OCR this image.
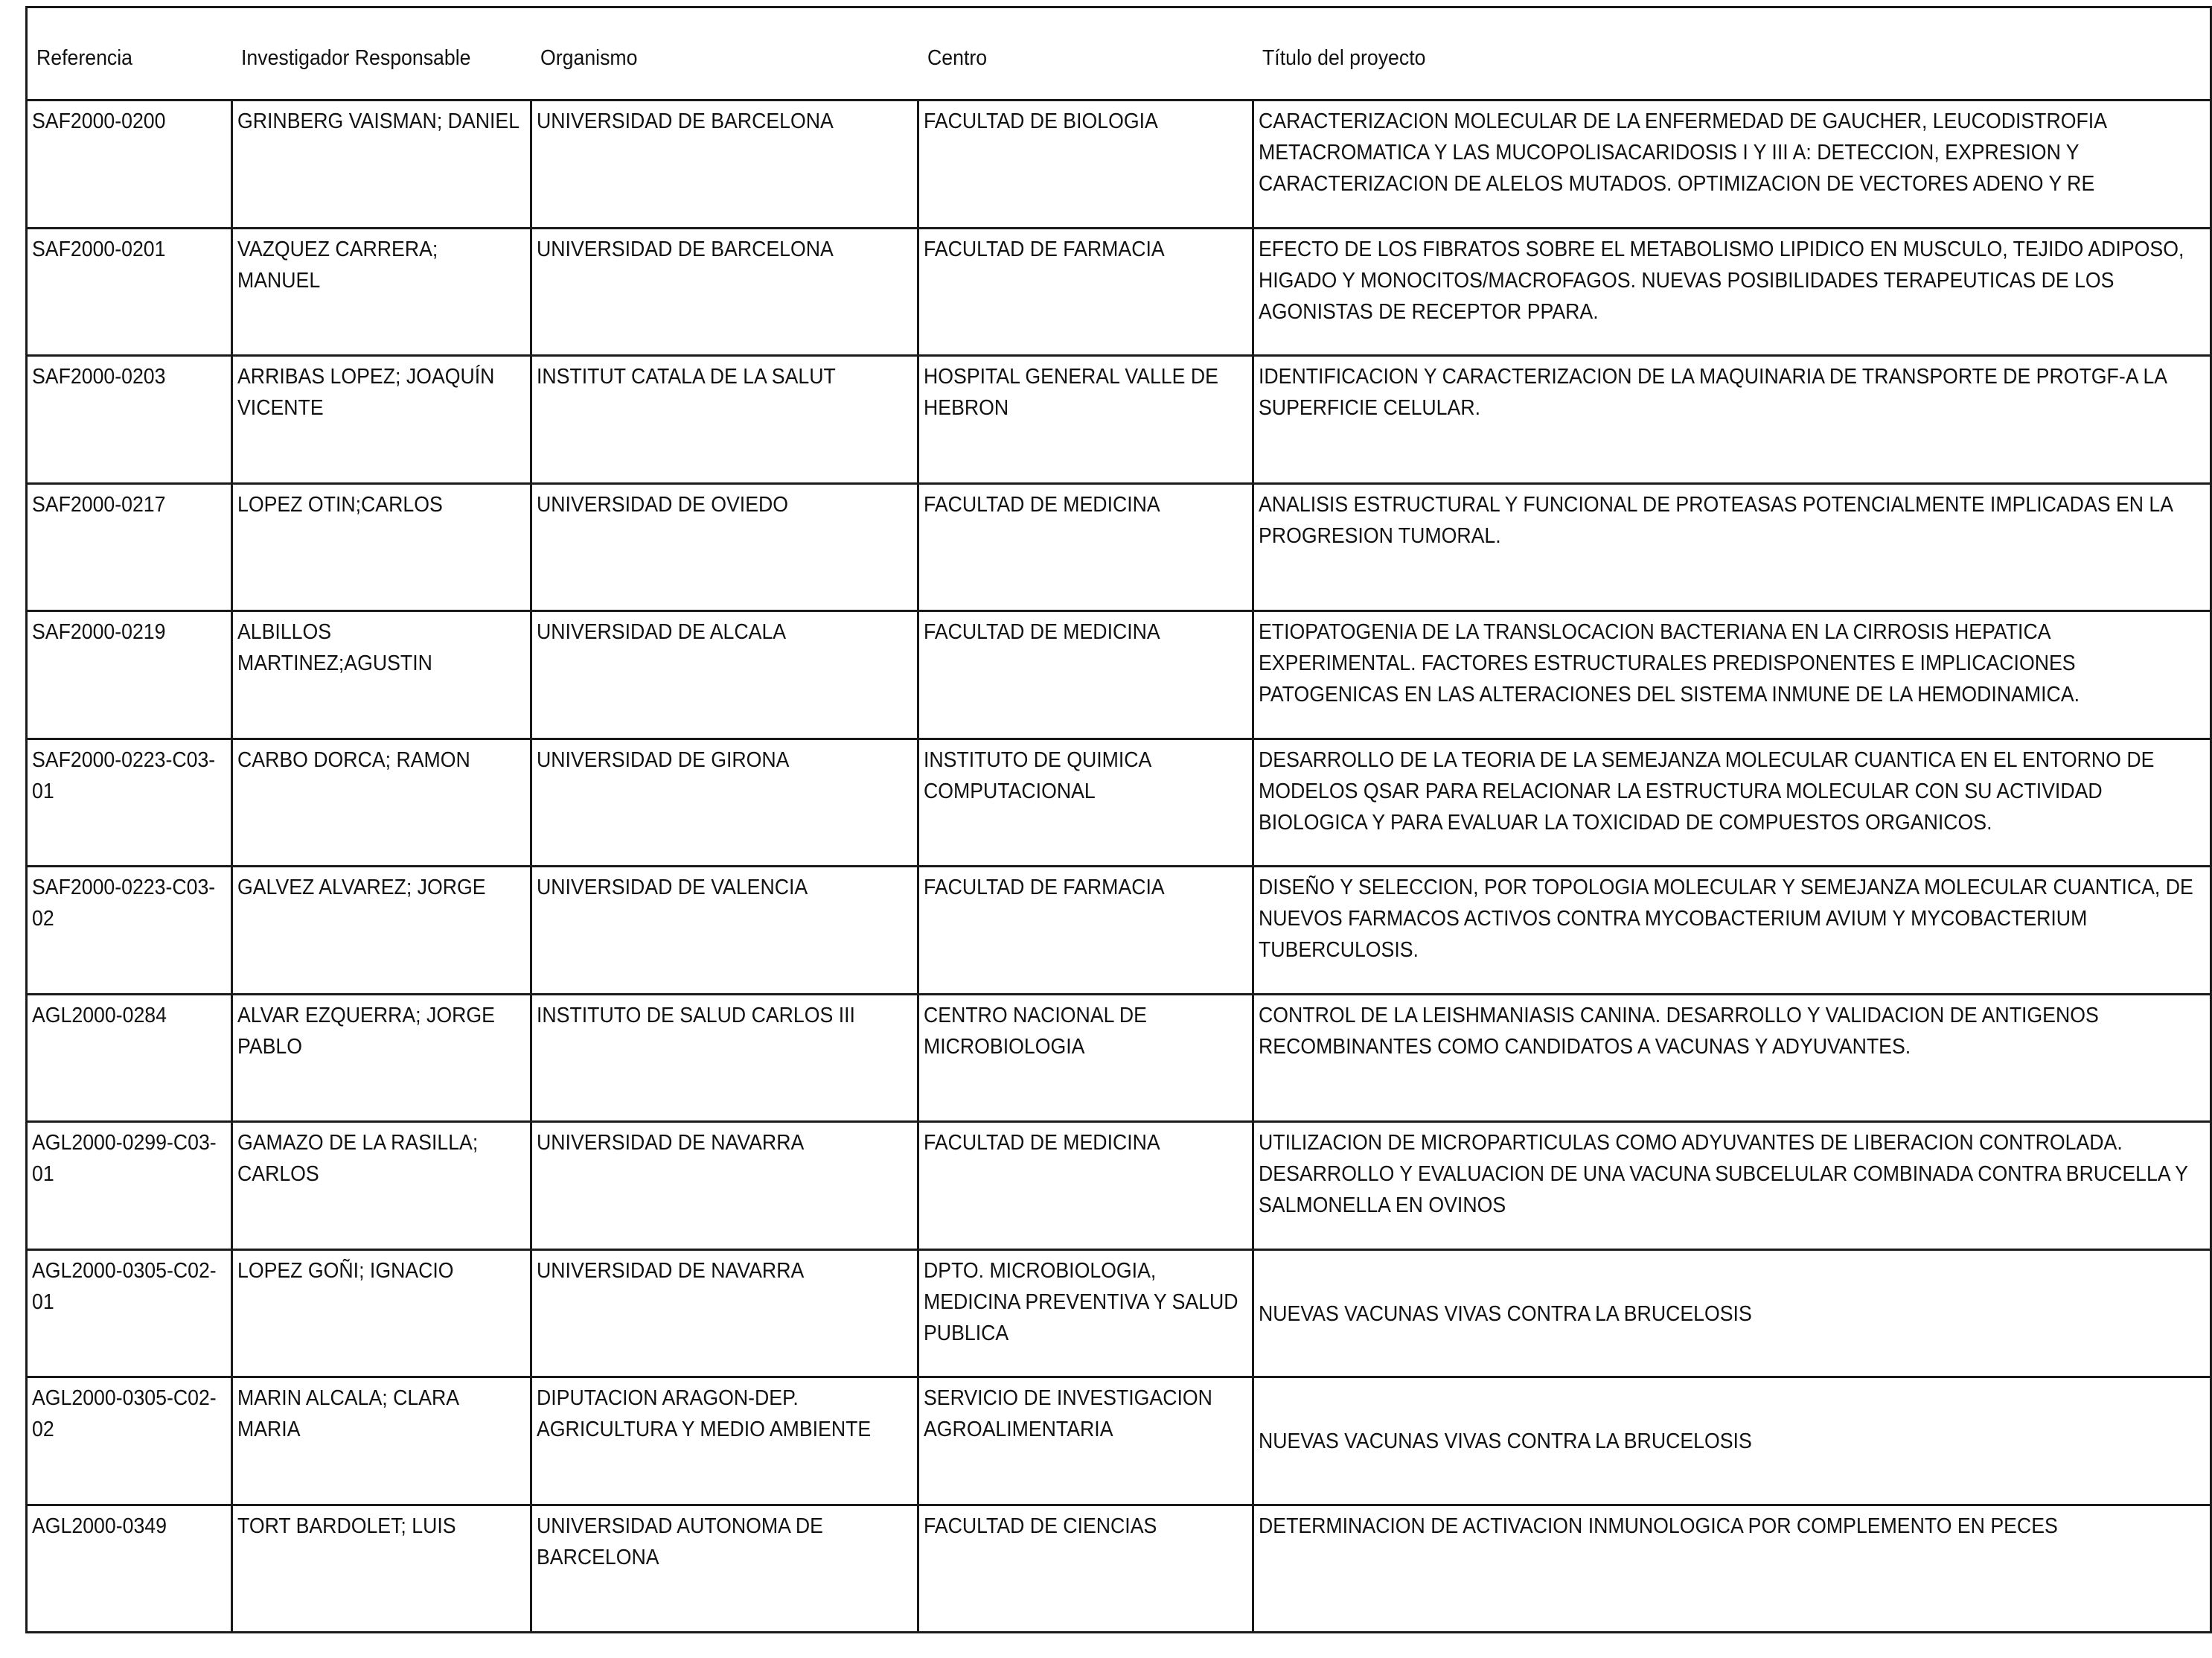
Referencia	Investigador Responsable	Organismo	Centro	Título del proyecto
SAF2000-0200	GRINBERG VAISMAN; DANIEL	UNIVERSIDAD DE BARCELONA	FACULTAD DE BIOLOGIA	CARACTERIZACION MOLECULAR DE LA ENFERMEDAD DE GAUCHER, LEUCODISTROFIA METACROMATICA Y LAS MUCOPOLISACARIDOSIS I Y III A: DETECCION, EXPRESION Y CARACTERIZACION DE ALELOS MUTADOS. OPTIMIZACION DE VECTORES ADENO Y RE
SAF2000-0201	VAZQUEZ CARRERA; MANUEL	UNIVERSIDAD DE BARCELONA	FACULTAD DE FARMACIA	EFECTO DE LOS FIBRATOS SOBRE EL METABOLISMO LIPIDICO EN MUSCULO, TEJIDO ADIPOSO, HIGADO Y MONOCITOS/MACROFAGOS. NUEVAS POSIBILIDADES TERAPEUTICAS DE LOS AGONISTAS DE RECEPTOR PPARA.
SAF2000-0203	ARRIBAS LOPEZ; JOAQUÍN VICENTE	INSTITUT CATALA DE LA SALUT	HOSPITAL GENERAL VALLE DE HEBRON	IDENTIFICACION Y CARACTERIZACION DE LA MAQUINARIA DE TRANSPORTE DE PROTGF-A LA SUPERFICIE CELULAR.
SAF2000-0217	LOPEZ OTIN;CARLOS	UNIVERSIDAD DE OVIEDO	FACULTAD DE MEDICINA	ANALISIS ESTRUCTURAL Y FUNCIONAL DE PROTEASAS POTENCIALMENTE IMPLICADAS EN LA PROGRESION TUMORAL.
SAF2000-0219	ALBILLOS MARTINEZ;AGUSTIN	UNIVERSIDAD DE ALCALA	FACULTAD DE MEDICINA	ETIOPATOGENIA DE LA TRANSLOCACION BACTERIANA EN LA CIRROSIS HEPATICA EXPERIMENTAL. FACTORES ESTRUCTURALES PREDISPONENTES E IMPLICACIONES PATOGENICAS EN LAS ALTERACIONES DEL SISTEMA INMUNE DE LA HEMODINAMICA.
SAF2000-0223-C03-01	CARBO DORCA; RAMON	UNIVERSIDAD DE GIRONA	INSTITUTO DE QUIMICA COMPUTACIONAL	DESARROLLO DE LA TEORIA DE LA SEMEJANZA MOLECULAR CUANTICA EN EL ENTORNO DE MODELOS QSAR PARA RELACIONAR LA ESTRUCTURA MOLECULAR CON SU ACTIVIDAD BIOLOGICA Y PARA EVALUAR LA TOXICIDAD DE COMPUESTOS ORGANICOS.
SAF2000-0223-C03-02	GALVEZ ALVAREZ; JORGE	UNIVERSIDAD DE VALENCIA	FACULTAD DE FARMACIA	DISEÑO Y SELECCION, POR TOPOLOGIA MOLECULAR Y SEMEJANZA MOLECULAR CUANTICA, DE NUEVOS FARMACOS ACTIVOS CONTRA MYCOBACTERIUM AVIUM Y MYCOBACTERIUM TUBERCULOSIS.
AGL2000-0284	ALVAR EZQUERRA; JORGE PABLO	INSTITUTO DE SALUD CARLOS III	CENTRO NACIONAL DE MICROBIOLOGIA	CONTROL DE LA LEISHMANIASIS CANINA. DESARROLLO Y VALIDACION DE ANTIGENOS RECOMBINANTES COMO CANDIDATOS A VACUNAS Y ADYUVANTES.
AGL2000-0299-C03-01	GAMAZO DE LA RASILLA; CARLOS	UNIVERSIDAD DE NAVARRA	FACULTAD DE MEDICINA	UTILIZACION DE MICROPARTICULAS COMO ADYUVANTES DE LIBERACION CONTROLADA. DESARROLLO Y EVALUACION DE UNA VACUNA SUBCELULAR COMBINADA CONTRA BRUCELLA Y SALMONELLA EN OVINOS
AGL2000-0305-C02-01	LOPEZ GOÑI; IGNACIO	UNIVERSIDAD DE NAVARRA	DPTO. MICROBIOLOGIA, MEDICINA PREVENTIVA Y SALUD PUBLICA	NUEVAS VACUNAS VIVAS CONTRA LA BRUCELOSIS
AGL2000-0305-C02-02	MARIN ALCALA; CLARA MARIA	DIPUTACION ARAGON-DEP. AGRICULTURA Y MEDIO AMBIENTE	SERVICIO DE INVESTIGACION AGROALIMENTARIA	NUEVAS VACUNAS VIVAS CONTRA LA BRUCELOSIS
AGL2000-0349	TORT BARDOLET; LUIS	UNIVERSIDAD AUTONOMA DE BARCELONA	FACULTAD DE CIENCIAS	DETERMINACION DE ACTIVACION INMUNOLOGICA POR COMPLEMENTO EN PECES
